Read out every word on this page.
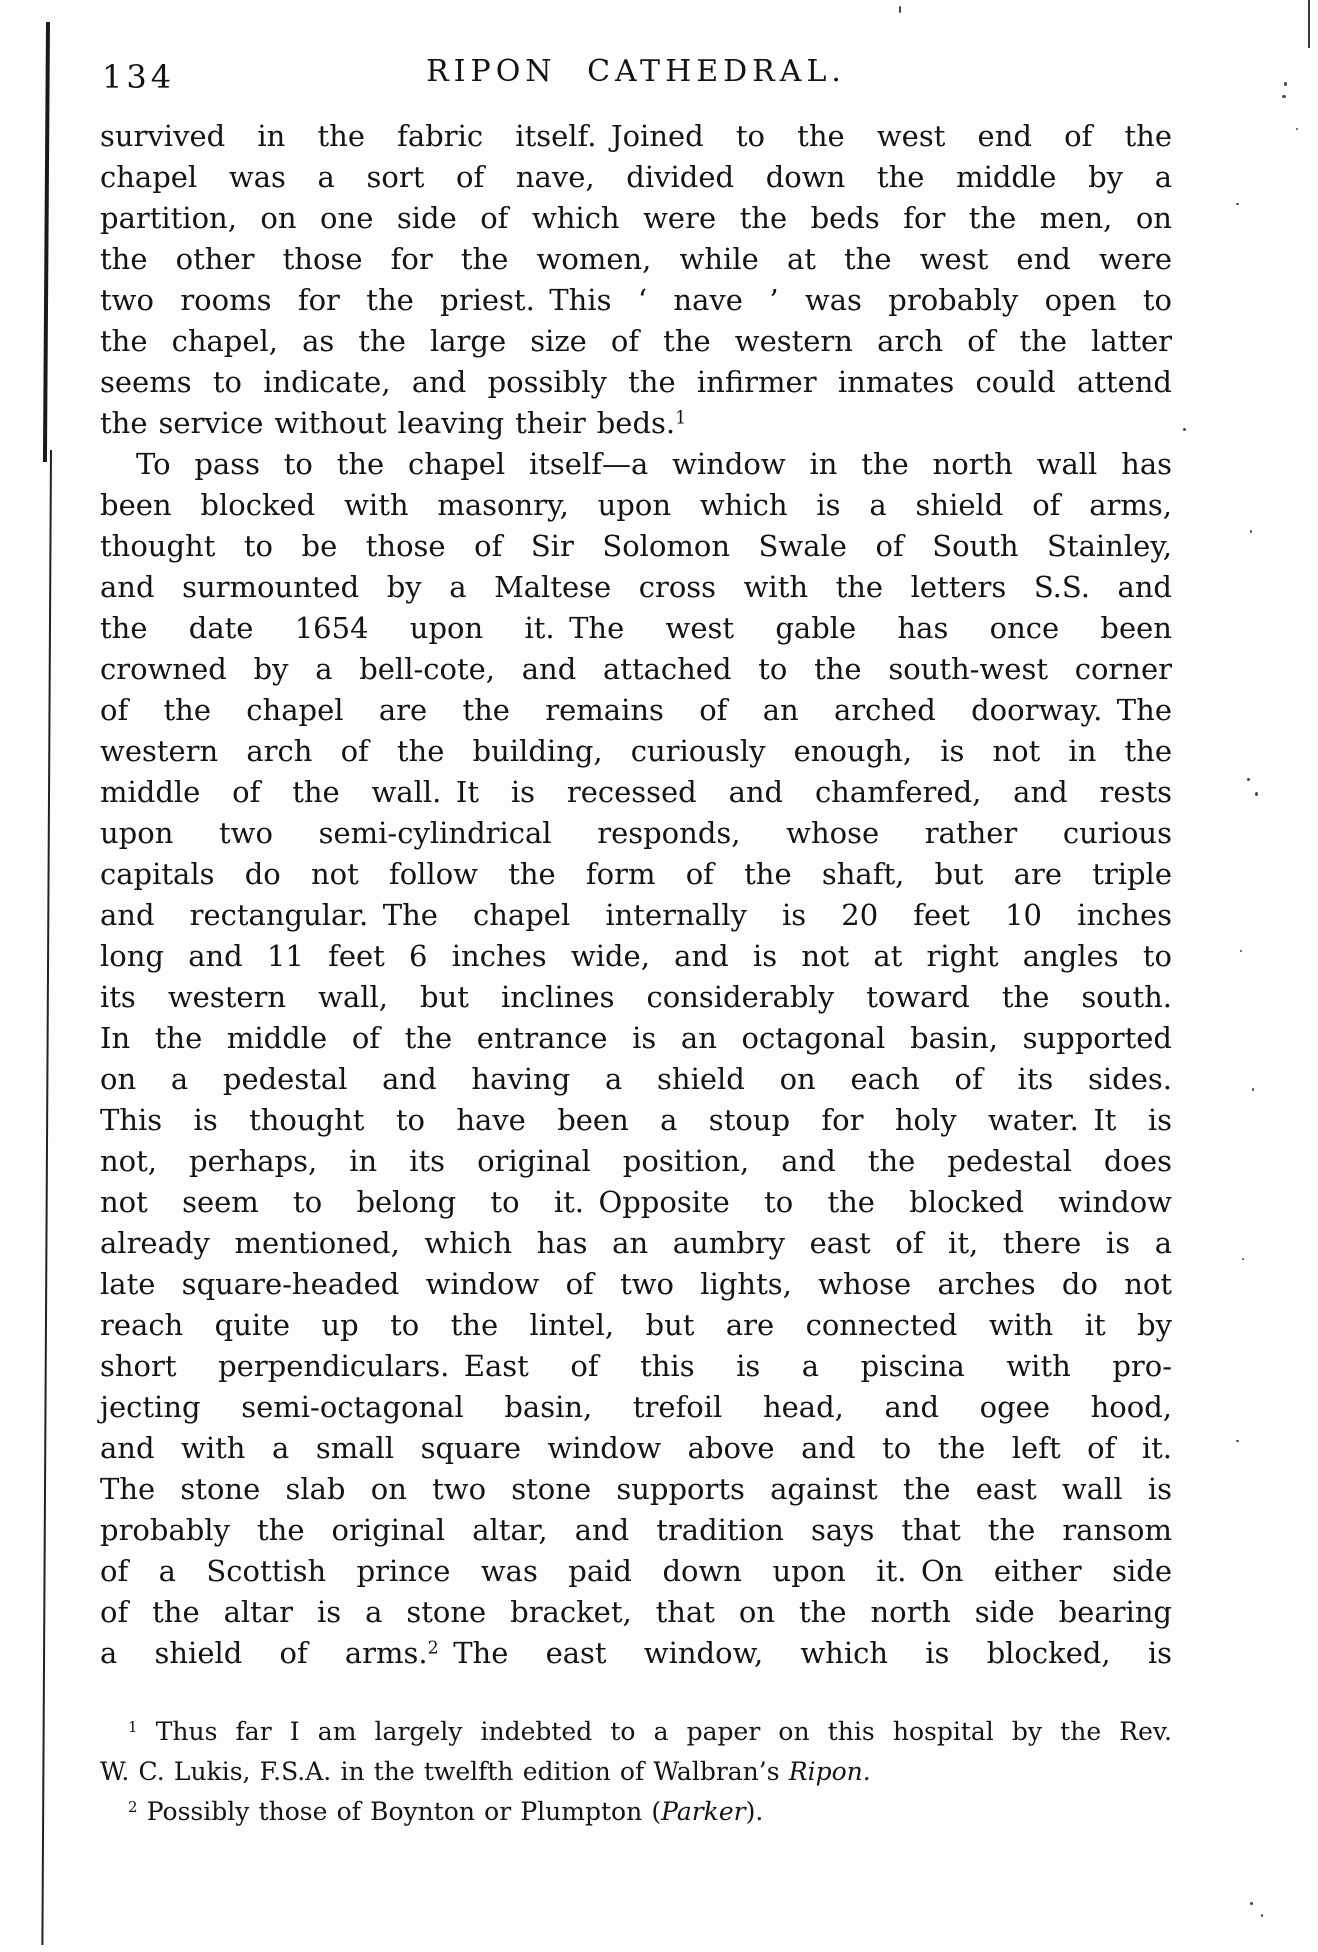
134	RIPON CATHEDRAL.
survived in the fabric itself. Joined to the west end of the
chapel was a sort of nave, divided down the middle by a
partition, on one side of which were the beds for the men, on
the other those for the women, while at the west end were
two rooms for the priest. This ‘ nave ’ was probably open to
the chapel, as the large size of the western arch of the latter
seems to indicate, and possibly the infirmer inmates could attend
the service without leaving their beds.$^1$
To pass to the chapel itself—a window in the north wall has
been blocked with masonry, upon which is a shield of arms,
thought to be those of Sir Solomon Swale of South Stainley,
and surmounted by a Maltese cross with the letters S.S. and
the date 1654 upon it. The west gable has once been
crowned by a bell-cote, and attached to the south-west corner
of the chapel are the remains of an arched doorway. The
western arch of the building, curiously enough, is not in the
middle of the wall. It is recessed and chamfered, and rests
upon two semi-cylindrical responds, whose rather curious
capitals do not follow the form of the shaft, but are triple
and rectangular. The chapel internally is 20 feet 10 inches
long and 11 feet 6 inches wide, and is not at right angles to
its western wall, but inclines considerably toward the south.
In the middle of the entrance is an octagonal basin, supported
on a pedestal and having a shield on each of its sides.
This is thought to have been a stoup for holy water. It is
not, perhaps, in its original position, and the pedestal does
not seem to belong to it. Opposite to the blocked window
already mentioned, which has an aumbry east of it, there is a
late square-headed window of two lights, whose arches do not
reach quite up to the lintel, but are connected with it by
short perpendiculars. East of this is a piscina with pro-
jecting semi-octagonal basin, trefoil head, and ogee hood,
and with a small square window above and to the left of it.
The stone slab on two stone supports against the east wall is
probably the original altar, and tradition says that the ransom
of a Scottish prince was paid down upon it. On either side
of the altar is a stone bracket, that on the north side bearing
a shield of arms.$^2$ The east window, which is blocked, is
$^1$ Thus far I am largely indebted to a paper on this hospital by the Rev.
W. C. Lukis, F.S.A. in the twelfth edition of Walbran’s Ripon.
$^2$ Possibly those of Boynton or Plumpton (Parker).
